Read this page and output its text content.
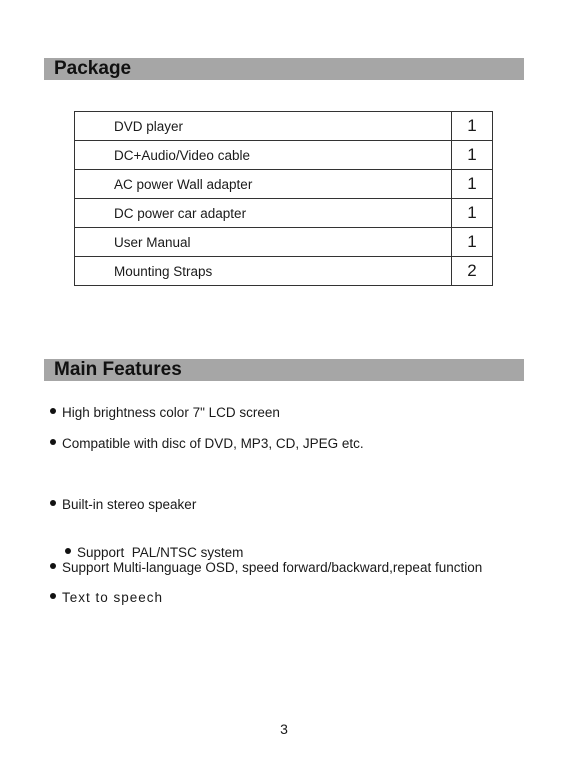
Package
DVD player	1
DC+Audio/Video cable	1
AC power Wall adapter	1
DC power car adapter	1
User Manual	1
Mounting Straps	2
Main Features
High brightness color 7" LCD screen
Compatible with disc of DVD, MP3, CD, JPEG etc.
Built-in stereo speaker

Support  PAL/NTSC system

Support Multi-language OSD, speed forward/backward,repeat function
Text to speech
3
